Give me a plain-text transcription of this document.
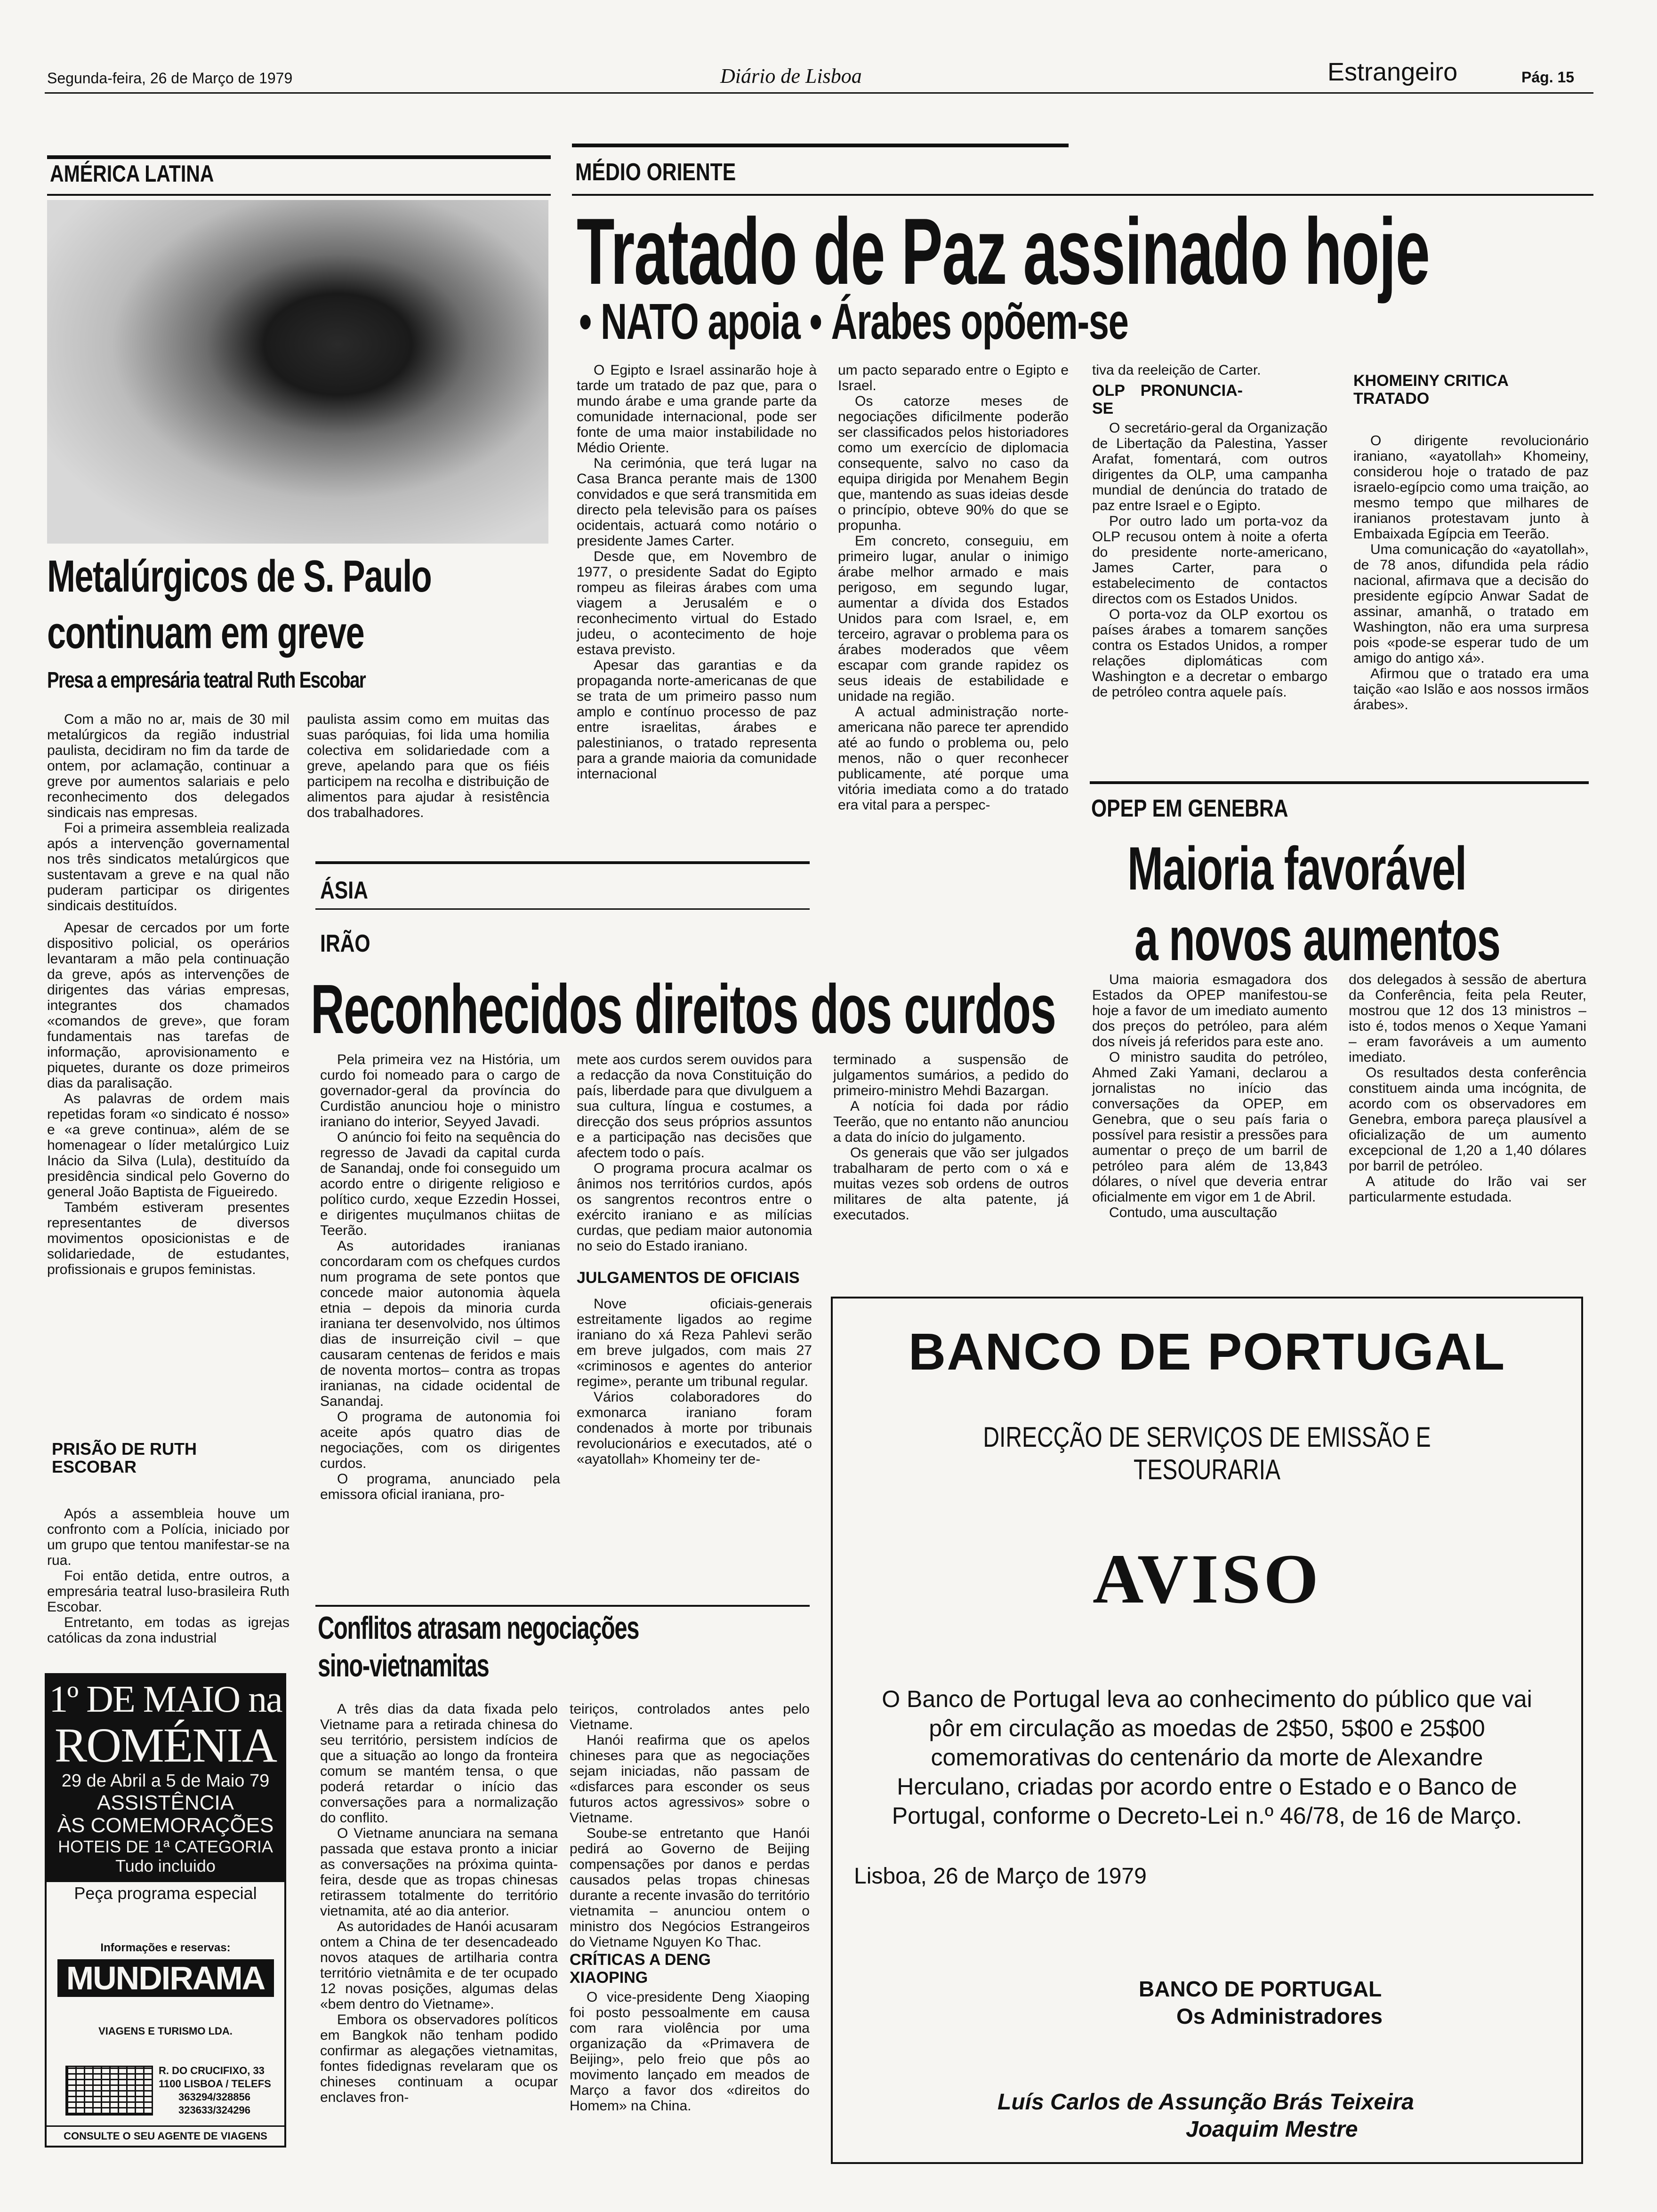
Segunda-feira, 26 de Março de 1979	Diário de Lisboa	Estrangeiro	Pág. 15
AMÉRICA LATINA
Metalúrgicos de S. Paulo
continuam em greve
Presa a empresária teatral Ruth Escobar

Com a mão no ar, mais de 30 mil metalúrgicos da região industrial paulista, decidiram no fim da tarde de ontem, por aclamação, continuar a greve por aumentos salariais e pelo reconhecimento dos delegados sindicais nas empresas.

Foi a primeira assembleia realizada após a intervenção governamental nos três sindicatos metalúrgicos que sustentavam a greve e na qual não puderam participar os dirigentes sindicais destituídos.

Apesar de cercados por um forte dispositivo policial, os operários levantaram a mão pela continuação da greve, após as intervenções de dirigentes das várias empresas, integrantes dos chamados «comandos de greve», que foram fundamentais nas tarefas de informação, aprovisionamento e piquetes, durante os doze primeiros dias da paralisação.

As palavras de ordem mais repetidas foram «o sindicato é nosso» e «a greve continua», além de se homenagear o líder metalúrgico Luiz Inácio da Silva (Lula), destituído da presidência sindical pelo Governo do general João Baptista de Figueiredo.

Também estiveram presentes representantes de diversos movimentos oposicionistas e de solidariedade, de estudantes, profissionais e grupos feministas.

PRISÃO DE RUTH ESCOBAR

Após a assembleia houve um confronto com a Polícia, iniciado por um grupo que tentou manifestar-se na rua.

Foi então detida, entre outros, a empresária teatral luso-brasileira Ruth Escobar.

Entretanto, em todas as igrejas católicas da zona industrial

paulista assim como em muitas das suas paróquias, foi lida uma homilia colectiva em solidariedade com a greve, apelando para que os fiéis participem na recolha e distribuição de alimentos para ajudar à resistência dos trabalhadores.

MÉDIO ORIENTE
Tratado de Paz assinado hoje
• NATO apoia • Árabes opõem-se

O Egipto e Israel assinarão hoje à tarde um tratado de paz que, para o mundo árabe e uma grande parte da comunidade internacional, pode ser fonte de uma maior instabilidade no Médio Oriente.

Na cerimónia, que terá lugar na Casa Branca perante mais de 1300 convidados e que será transmitida em directo pela televisão para os países ocidentais, actuará como notário o presidente James Carter.

Desde que, em Novembro de 1977, o presidente Sadat do Egipto rompeu as fileiras árabes com uma viagem a Jerusalém e o reconhecimento virtual do Estado judeu, o acontecimento de hoje estava previsto.

Apesar das garantias e da propaganda norte-americanas de que se trata de um primeiro passo num amplo e contínuo processo de paz entre israelitas, árabes e palestinianos, o tratado representa para a grande maioria da comunidade internacional

um pacto separado entre o Egipto e Israel.

Os catorze meses de negociações dificilmente poderão ser classificados pelos historiadores como um exercício de diplomacia consequente, salvo no caso da equipa dirigida por Menahem Begin que, mantendo as suas ideias desde o princípio, obteve 90% do que se propunha.

Em concreto, conseguiu, em primeiro lugar, anular o inimigo árabe melhor armado e mais perigoso, em segundo lugar, aumentar a dívida dos Estados Unidos para com Israel, e, em terceiro, agravar o problema para os árabes moderados que vêem escapar com grande rapidez os seus ideais de estabilidade e unidade na região.

A actual administração norte-americana não parece ter aprendido até ao fundo o problema ou, pelo menos, não o quer reconhecer publicamente, até porque uma vitória imediata como a do tratado era vital para a perspec-

tiva da reeleição de Carter.

OLP PRONUNCIA-SE

O secretário-geral da Organização de Libertação da Palestina, Yasser Arafat, fomentará, com outros dirigentes da OLP, uma campanha mundial de denúncia do tratado de paz entre Israel e o Egipto.

Por outro lado um porta-voz da OLP recusou ontem à noite a oferta do presidente norte-americano, James Carter, para o estabelecimento de contactos directos com os Estados Unidos.

O porta-voz da OLP exortou os países árabes a tomarem sanções contra os Estados Unidos, a romper relações diplomáticas com Washington e a decretar o embargo de petróleo contra aquele país.

KHOMEINY CRITICA TRATADO

O dirigente revolucionário iraniano, «ayatollah» Khomeiny, considerou hoje o tratado de paz israelo-egípcio como uma traição, ao mesmo tempo que milhares de iranianos protestavam junto à Embaixada Egípcia em Teerão.

Uma comunicação do «ayatollah», de 78 anos, difundida pela rádio nacional, afirmava que a decisão do presidente egípcio Anwar Sadat de assinar, amanhã, o tratado em Washington, não era uma surpresa pois «pode-se esperar tudo de um amigo do antigo xá».

Afirmou que o tratado era uma taição «ao Islão e aos nossos irmãos árabes».

OPEP EM GENEBRA
Maioria favorável
a novos aumentos

Uma maioria esmagadora dos Estados da OPEP manifestou-se hoje a favor de um imediato aumento dos preços do petróleo, para além dos níveis já referidos para este ano.

O ministro saudita do petróleo, Ahmed Zaki Yamani, declarou a jornalistas no início das conversações da OPEP, em Genebra, que o seu país faria o possível para resistir a pressões para aumentar o preço de um barril de petróleo para além de 13,843 dólares, o nível que deveria entrar oficialmente em vigor em 1 de Abril.

Contudo, uma auscultação

dos delegados à sessão de abertura da Conferência, feita pela Reuter, mostrou que 12 dos 13 ministros – isto é, todos menos o Xeque Yamani – eram favoráveis a um aumento imediato.

Os resultados desta conferência constituem ainda uma incógnita, de acordo com os observadores em Genebra, embora pareça plausível a oficialização de um aumento excepcional de 1,20 a 1,40 dólares por barril de petróleo.

A atitude do Irão vai ser particularmente estudada.

ÁSIA
IRÃO
Reconhecidos direitos dos curdos

Pela primeira vez na História, um curdo foi nomeado para o cargo de governador-geral da província do Curdistão anunciou hoje o ministro iraniano do interior, Seyyed Javadi.

O anúncio foi feito na sequência do regresso de Javadi da capital curda de Sanandaj, onde foi conseguido um acordo entre o dirigente religioso e político curdo, xeque Ezzedin Hossei, e dirigentes muçulmanos chiitas de Teerão.

As autoridades iranianas concordaram com os chefques curdos num programa de sete pontos que concede maior autonomia àquela etnia – depois da minoria curda iraniana ter desenvolvido, nos últimos dias de insurreição civil – que causaram centenas de feridos e mais de noventa mortos– contra as tropas iranianas, na cidade ocidental de Sanandaj.

O programa de autonomia foi aceite após quatro dias de negociações, com os dirigentes curdos.

O programa, anunciado pela emissora oficial iraniana, pro-

mete aos curdos serem ouvidos para a redacção da nova Constituição do país, liberdade para que divulguem a sua cultura, língua e costumes, a direcção dos seus próprios assuntos e a participação nas decisões que afectem todo o país.

O programa procura acalmar os ânimos nos territórios curdos, após os sangrentos recontros entre o exército iraniano e as milícias curdas, que pediam maior autonomia no seio do Estado iraniano.

JULGAMENTOS DE OFICIAIS

Nove oficiais-generais estreitamente ligados ao regime iraniano do xá Reza Pahlevi serão em breve julgados, com mais 27 «criminosos e agentes do anterior regime», perante um tribunal regular.

Vários colaboradores do exmonarca iraniano foram condenados à morte por tribunais revolucionários e executados, até o «ayatollah» Khomeiny ter de-

terminado a suspensão de julgamentos sumários, a pedido do primeiro-ministro Mehdi Bazargan.

A notícia foi dada por rádio Teerão, que no entanto não anunciou a data do início do julgamento.

Os generais que vão ser julgados trabalharam de perto com o xá e muitas vezes sob ordens de outros militares de alta patente, já executados.

Conflitos atrasam negociações
sino-vietnamitas

A três dias da data fixada pelo Vietname para a retirada chinesa do seu território, persistem indícios de que a situação ao longo da fronteira comum se mantém tensa, o que poderá retardar o início das conversações para a normalização do conflito.

O Vietname anunciara na semana passada que estava pronto a iniciar as conversações na próxima quinta-feira, desde que as tropas chinesas retirassem totalmente do território vietnamita, até ao dia anterior.

As autoridades de Hanói acusaram ontem a China de ter desencadeado novos ataques de artilharia contra território vietnâmita e de ter ocupado 12 novas posições, algumas delas «bem dentro do Vietname».

Embora os observadores políticos em Bangkok não tenham podido confirmar as alegações vietnamitas, fontes fidedignas revelaram que os chineses continuam a ocupar enclaves fron-

teiriços, controlados antes pelo Vietname.

Hanói reafirma que os apelos chineses para que as negociações sejam iniciadas, não passam de «disfarces para esconder os seus futuros actos agressivos» sobre o Vietname.

Soube-se entretanto que Hanói pedirá ao Governo de Beijing compensações por danos e perdas causados pelas tropas chinesas durante a recente invasão do território vietnamita – anunciou ontem o ministro dos Negócios Estrangeiros do Vietname Nguyen Ko Thac.

CRÍTICAS A DENG XIAOPING

O vice-presidente Deng Xiaoping foi posto pessoalmente em causa com rara violência por uma organização da «Primavera de Beijing», pelo freio que pôs ao movimento lançado em meados de Março a favor dos «direitos do Homem» na China.

1º DE MAIO na
ROMÉNIA
29 de Abril a 5 de Maio 79
ASSISTÊNCIA
ÀS COMEMORAÇÕES
HOTEIS DE 1ª CATEGORIA
Tudo incluido
Peça programa especial
Informações e reservas:
MUNDIRAMA
VIAGENS E TURISMO LDA.
R. DO CRUCIFIXO, 33
1100 LISBOA / TELEFS
363294/328856
323633/324296
CONSULTE O SEU AGENTE DE VIAGENS
BANCO DE PORTUGAL
DIRECÇÃO DE SERVIÇOS DE EMISSÃO E TESOURARIA
AVISO
O Banco de Portugal leva ao conhecimento do público que vai pôr em circulação as moedas de 2$50, 5$00 e 25$00 comemorativas do centenário da morte de Alexandre Herculano, criadas por acordo entre o Estado e o Banco de Portugal, conforme o Decreto-Lei n.º 46/78, de 16 de Março.
Lisboa, 26 de Março de 1979
BANCO DE PORTUGAL
Os Administradores
Luís Carlos de Assunção Brás Teixeira
Joaquim Mestre
